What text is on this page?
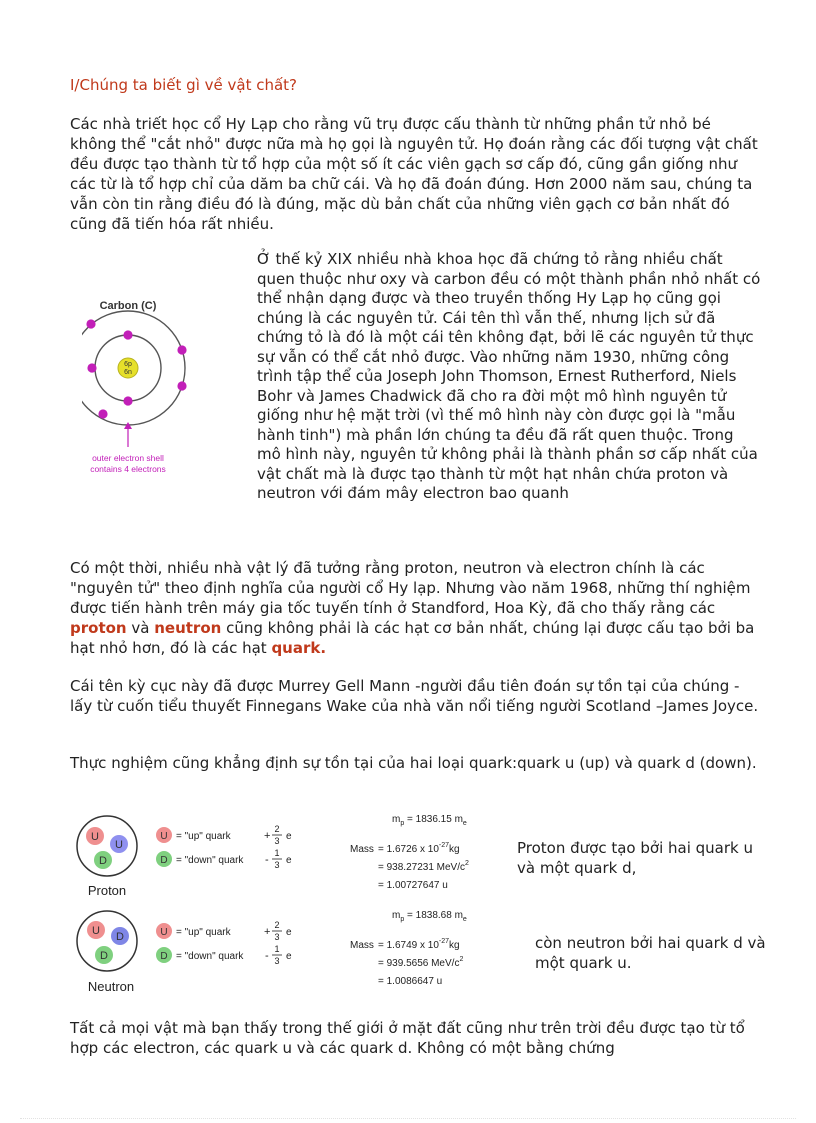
I/Chúng ta biết gì về vật chất?

Các nhà triết học cổ Hy Lạp cho rằng vũ trụ được cấu thành từ những phần tử nhỏ bé không thể "cắt nhỏ" được nữa mà họ gọi là nguyên tử. Họ đoán rằng các đối tượng vật chất đều được tạo thành từ tổ hợp của một số ít các viên gạch sơ cấp đó, cũng gần giống như các từ là tổ hợp chỉ của dăm ba chữ cái. Và họ đã đoán đúng. Hơn 2000 năm sau, chúng ta vẫn còn tin rằng điều đó là đúng, mặc dù bản chất của những viên gạch cơ bản nhất đó cũng đã tiến hóa rất nhiều.

Carbon (C)
6p
6n
outer electron shell
contains 4 electrons

Ở thế kỷ XIX nhiều nhà khoa học đã chứng tỏ rằng nhiều chất quen thuộc như oxy và carbon đều có một thành phần nhỏ nhất có thể nhận dạng được và theo truyền thống Hy Lạp họ cũng gọi chúng là các nguyên tử. Cái tên thì vẫn thế, nhưng lịch sử đã chứng tỏ là đó là một cái tên không đạt, bởi lẽ các nguyên tử thực sự vẫn có thể cắt nhỏ được. Vào những năm 1930, những công trình tập thể của Joseph John Thomson, Ernest Rutherford, Niels Bohr và James Chadwick đã cho ra đời một mô hình nguyên tử giống như hệ mặt trời (vì thế mô hình này còn được gọi là "mẫu hành tinh") mà phần lớn chúng ta đều đã rất quen thuộc. Trong mô hình này, nguyên tử không phải là thành phần sơ cấp nhất của vật chất mà là được tạo thành từ một hạt nhân chứa proton và neutron với đám mây electron bao quanh

Có một thời, nhiều nhà vật lý đã tưởng rằng proton, neutron và electron chính là các "nguyên tử" theo định nghĩa của người cổ Hy lạp. Nhưng vào năm 1968, những thí nghiệm được tiến hành trên máy gia tốc tuyến tính ở Standford, Hoa Kỳ, đã cho thấy rằng các proton và neutron cũng không phải là các hạt cơ bản nhất, chúng lại được cấu tạo bởi ba hạt nhỏ hơn, đó là các hạt quark.

Cái tên kỳ cục này đã được Murrey Gell Mann -người đầu tiên đoán sự tồn tại của chúng -lấy từ cuốn tiểu thuyết Finnegans Wake của nhà văn nổi tiếng người Scotland –James Joyce.

Thực nghiệm cũng khẳng định sự tồn tại của hai loại quark:quark u (up) và quark d (down).

U
U
D
Proton
U = "up" quark	+
2
3 e
D = "down" quark -
1
3 e
$m_p = 1836.15$ $m_e$
Mass = 1.6726 x $10^{-27}kg$
= 938.27231 MeV/$c^2$
= 1.00727647 u
U D
D
Neutron
U = "up" quark	+
2
3 e
D = "down" quark -
1
3 e
$m_p = 1838.68$ $m_e$
Mass = 1.6749 x $10^{-27}kg$
= 939.5656 MeV/$c^2$
= 1.0086647 u

Proton được tạo bởi hai quark u và một quark d,

còn neutron bởi hai quark d và một quark u.

Tất cả mọi vật mà bạn thấy trong thế giới ở mặt đất cũng như trên trời đều được tạo từ tổ hợp các electron, các quark u và các quark d. Không có một bằng chứng
